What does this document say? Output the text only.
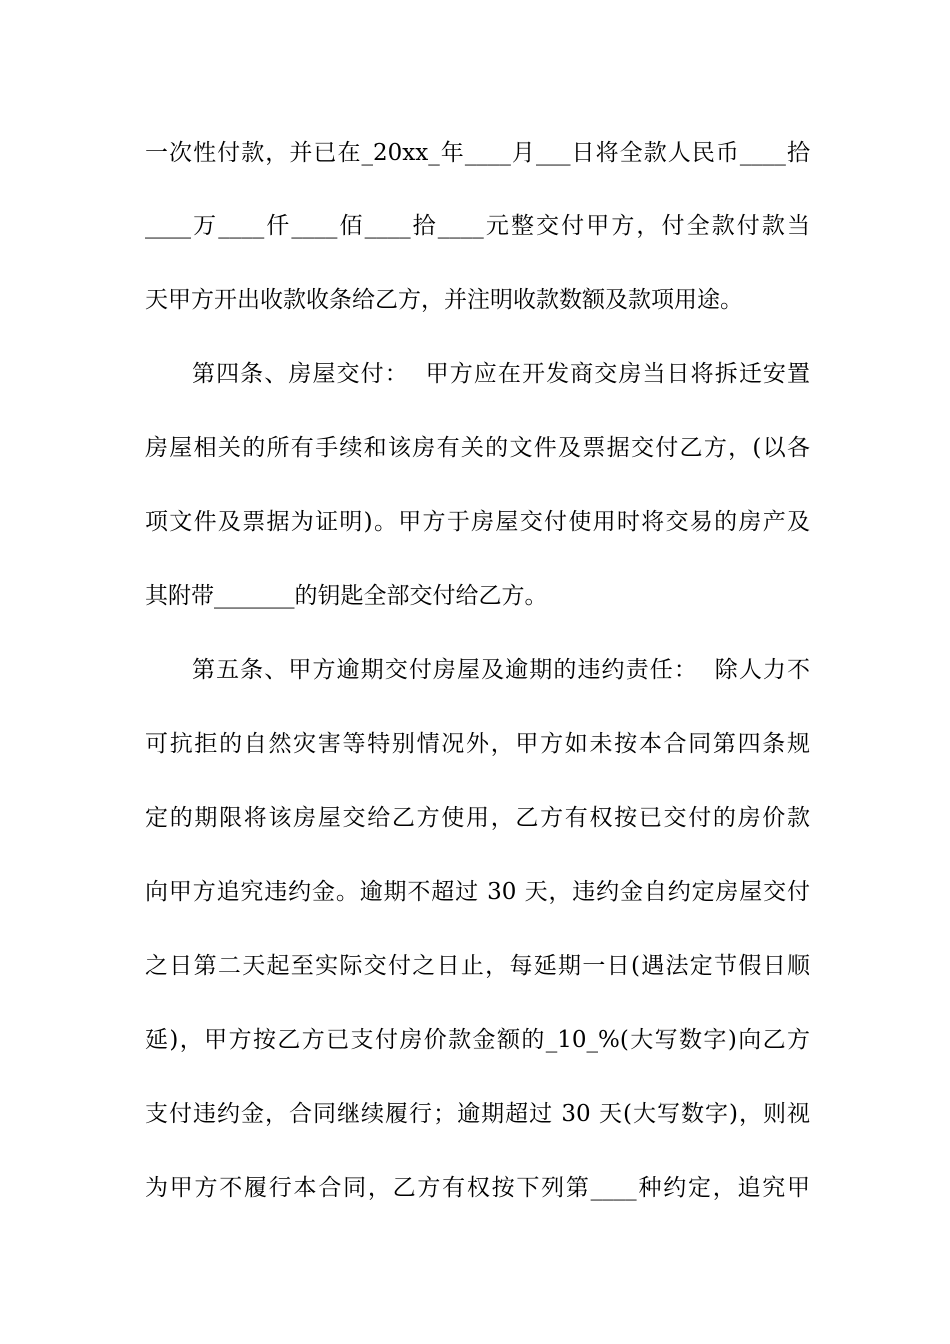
一次性付款，并已在_20xx_年____月___日将全款人民币____拾
____万____仟____佰____拾____元整交付甲方，付全款付款当
天甲方开出收款收条给乙方，并注明收款数额及款项用途。
第四条、房屋交付：  甲方应在开发商交房当日将拆迁安置
房屋相关的所有手续和该房有关的文件及票据交付乙方，(以各
项文件及票据为证明)。甲方于房屋交付使用时将交易的房产及
其附带_______的钥匙全部交付给乙方。
第五条、甲方逾期交付房屋及逾期的违约责任：  除人力不
可抗拒的自然灾害等特别情况外，甲方如未按本合同第四条规
定的期限将该房屋交给乙方使用，乙方有权按已交付的房价款
向甲方追究违约金。逾期不超过 30 天，违约金自约定房屋交付
之日第二天起至实际交付之日止，每延期一日(遇法定节假日顺
延)，甲方按乙方已支付房价款金额的_10_%(大写数字)向乙方
支付违约金，合同继续履行；逾期超过 30 天(大写数字)，则视
为甲方不履行本合同，乙方有权按下列第____种约定，追究甲
